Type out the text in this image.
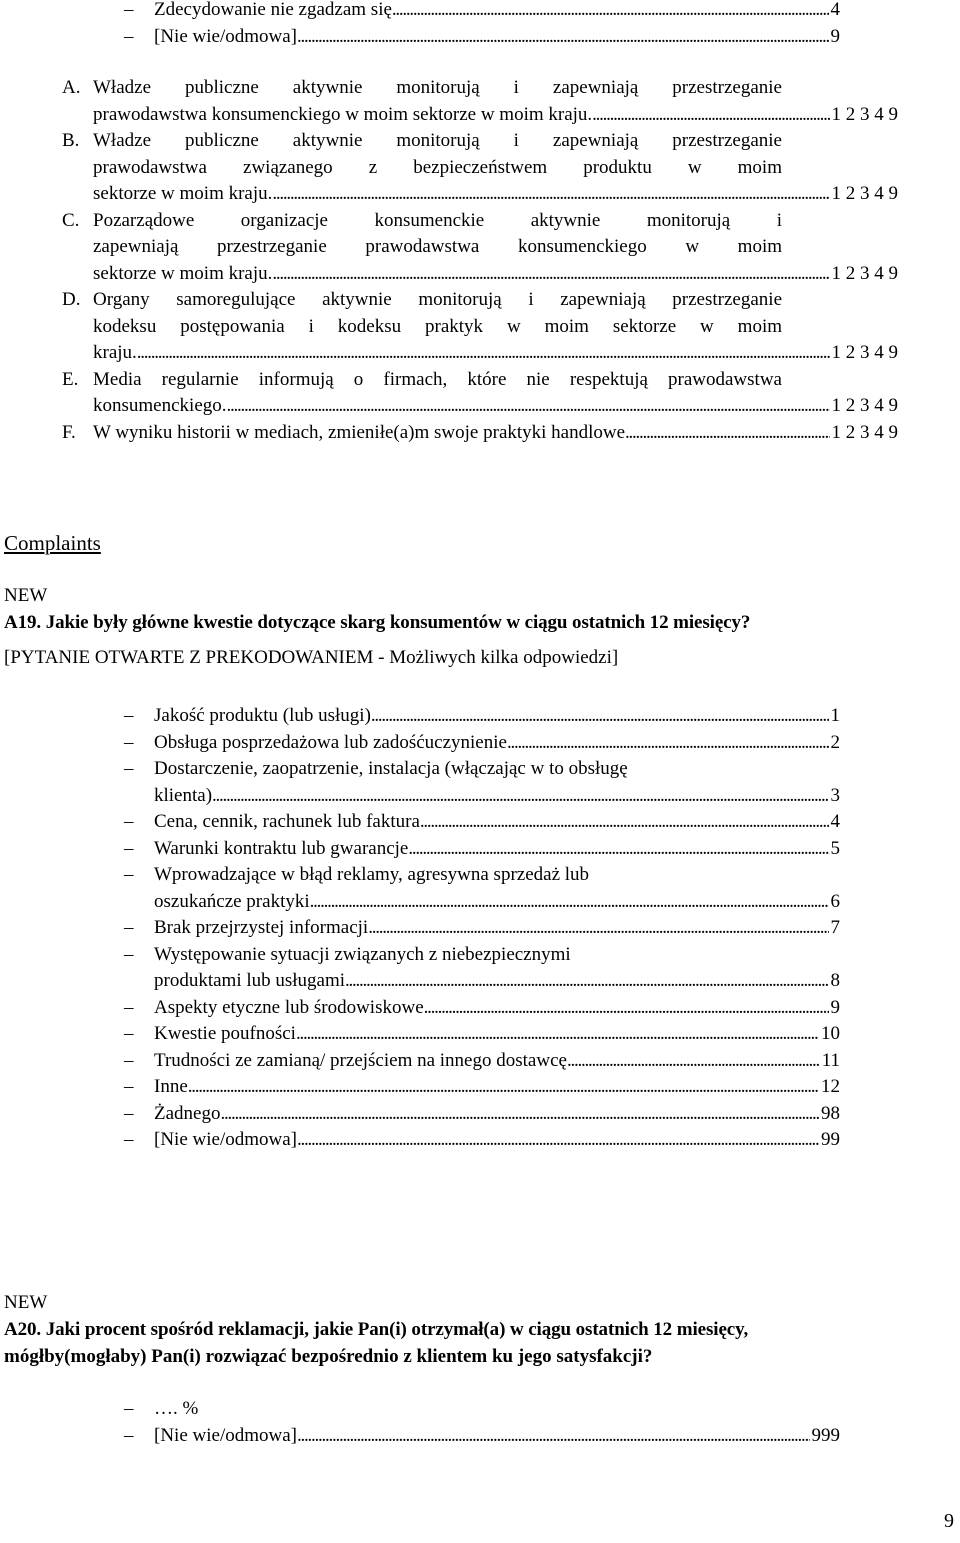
–	Zdecydowanie nie zgadzam się . . .	4
–	[Nie wie/odmowa] . . .	9
A. Władze publiczne aktywnie monitorują i zapewniają przestrzeganie
prawodawstwa konsumenckiego w moim sektorze w moim kraju. . . .	1 2 3 4 9
B. Władze publiczne aktywnie monitorują i zapewniają przestrzeganie
prawodawstwa związanego z bezpieczeństwem produktu w moim
sektorze w moim kraju. . . .	1 2 3 4 9
C. Pozarządowe organizacje konsumenckie aktywnie monitorują i
zapewniają przestrzeganie prawodawstwa konsumenckiego w moim
sektorze w moim kraju. . . .	1 2 3 4 9
D. Organy samoregulujące aktywnie monitorują i zapewniają przestrzeganie
kodeksu postępowania i kodeksu praktyk w moim sektorze w moim
kraju. . . .	1 2 3 4 9
E. Media regularnie informują o firmach, które nie respektują prawodawstwa
konsumenckiego. . . .	1 2 3 4 9
F. W wyniku historii w mediach, zmieniłe(a)m swoje praktyki handlowe . . .	1 2 3 4 9
Complaints
NEW
A19. Jakie były główne kwestie dotyczące skarg konsumentów w ciągu ostatnich 12 miesięcy?
[PYTANIE OTWARTE Z PREKODOWANIEM - Możliwych kilka odpowiedzi]
–	Jakość produktu (lub usługi) . . .	1
–	Obsługa posprzedażowa lub zadośćuczynienie . . .	2
–	Dostarczenie, zaopatrzenie, instalacja (włączając w to obsługę
klienta) . . .	3
–	Cena, cennik, rachunek lub faktura . . .	4
–	Warunki kontraktu lub gwarancje . . .	5
–	Wprowadzające w błąd reklamy, agresywna sprzedaż lub
oszukańcze praktyki . . .	6
–	Brak przejrzystej informacji . . .	7
–	Występowanie sytuacji związanych z niebezpiecznymi
produktami lub usługami . . .	8
–	Aspekty etyczne lub środowiskowe . . .	9
–	Kwestie poufności . . .	10
–	Trudności ze zamianą/ przejściem na innego dostawcę . . .	11
–	Inne . . .	12
–	Żadnego . . .	98
–	[Nie wie/odmowa] . . .	99
NEW
A20. Jaki procent spośród reklamacji, jakie Pan(i) otrzymał(a) w ciągu ostatnich 12 miesięcy,
mógłby(mogłaby) Pan(i) rozwiązać bezpośrednio z klientem ku jego satysfakcji?
–	…. %
–	[Nie wie/odmowa] . . .	999
9
